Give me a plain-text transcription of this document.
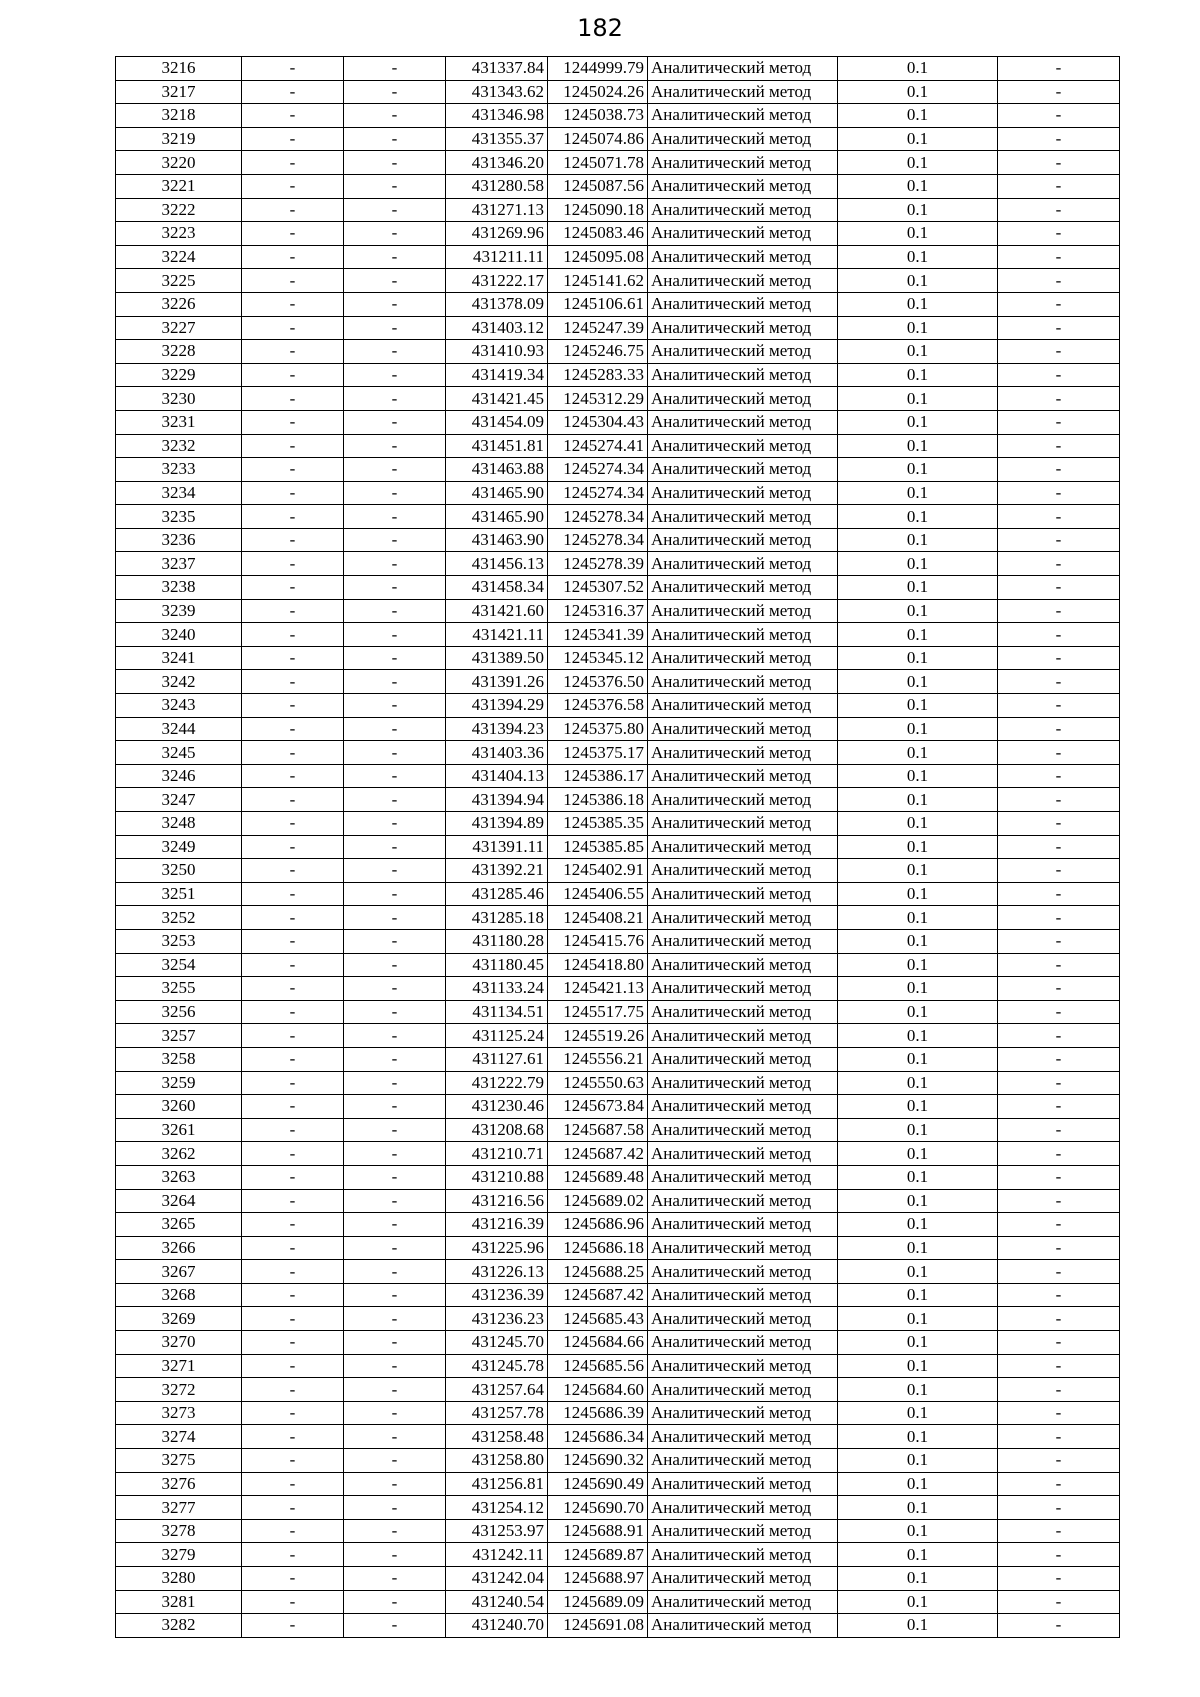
182
3216	-	-	431337.84	1244999.79	Аналитический метод	0.1	-
3217	-	-	431343.62	1245024.26	Аналитический метод	0.1	-
3218	-	-	431346.98	1245038.73	Аналитический метод	0.1	-
3219	-	-	431355.37	1245074.86	Аналитический метод	0.1	-
3220	-	-	431346.20	1245071.78	Аналитический метод	0.1	-
3221	-	-	431280.58	1245087.56	Аналитический метод	0.1	-
3222	-	-	431271.13	1245090.18	Аналитический метод	0.1	-
3223	-	-	431269.96	1245083.46	Аналитический метод	0.1	-
3224	-	-	431211.11	1245095.08	Аналитический метод	0.1	-
3225	-	-	431222.17	1245141.62	Аналитический метод	0.1	-
3226	-	-	431378.09	1245106.61	Аналитический метод	0.1	-
3227	-	-	431403.12	1245247.39	Аналитический метод	0.1	-
3228	-	-	431410.93	1245246.75	Аналитический метод	0.1	-
3229	-	-	431419.34	1245283.33	Аналитический метод	0.1	-
3230	-	-	431421.45	1245312.29	Аналитический метод	0.1	-
3231	-	-	431454.09	1245304.43	Аналитический метод	0.1	-
3232	-	-	431451.81	1245274.41	Аналитический метод	0.1	-
3233	-	-	431463.88	1245274.34	Аналитический метод	0.1	-
3234	-	-	431465.90	1245274.34	Аналитический метод	0.1	-
3235	-	-	431465.90	1245278.34	Аналитический метод	0.1	-
3236	-	-	431463.90	1245278.34	Аналитический метод	0.1	-
3237	-	-	431456.13	1245278.39	Аналитический метод	0.1	-
3238	-	-	431458.34	1245307.52	Аналитический метод	0.1	-
3239	-	-	431421.60	1245316.37	Аналитический метод	0.1	-
3240	-	-	431421.11	1245341.39	Аналитический метод	0.1	-
3241	-	-	431389.50	1245345.12	Аналитический метод	0.1	-
3242	-	-	431391.26	1245376.50	Аналитический метод	0.1	-
3243	-	-	431394.29	1245376.58	Аналитический метод	0.1	-
3244	-	-	431394.23	1245375.80	Аналитический метод	0.1	-
3245	-	-	431403.36	1245375.17	Аналитический метод	0.1	-
3246	-	-	431404.13	1245386.17	Аналитический метод	0.1	-
3247	-	-	431394.94	1245386.18	Аналитический метод	0.1	-
3248	-	-	431394.89	1245385.35	Аналитический метод	0.1	-
3249	-	-	431391.11	1245385.85	Аналитический метод	0.1	-
3250	-	-	431392.21	1245402.91	Аналитический метод	0.1	-
3251	-	-	431285.46	1245406.55	Аналитический метод	0.1	-
3252	-	-	431285.18	1245408.21	Аналитический метод	0.1	-
3253	-	-	431180.28	1245415.76	Аналитический метод	0.1	-
3254	-	-	431180.45	1245418.80	Аналитический метод	0.1	-
3255	-	-	431133.24	1245421.13	Аналитический метод	0.1	-
3256	-	-	431134.51	1245517.75	Аналитический метод	0.1	-
3257	-	-	431125.24	1245519.26	Аналитический метод	0.1	-
3258	-	-	431127.61	1245556.21	Аналитический метод	0.1	-
3259	-	-	431222.79	1245550.63	Аналитический метод	0.1	-
3260	-	-	431230.46	1245673.84	Аналитический метод	0.1	-
3261	-	-	431208.68	1245687.58	Аналитический метод	0.1	-
3262	-	-	431210.71	1245687.42	Аналитический метод	0.1	-
3263	-	-	431210.88	1245689.48	Аналитический метод	0.1	-
3264	-	-	431216.56	1245689.02	Аналитический метод	0.1	-
3265	-	-	431216.39	1245686.96	Аналитический метод	0.1	-
3266	-	-	431225.96	1245686.18	Аналитический метод	0.1	-
3267	-	-	431226.13	1245688.25	Аналитический метод	0.1	-
3268	-	-	431236.39	1245687.42	Аналитический метод	0.1	-
3269	-	-	431236.23	1245685.43	Аналитический метод	0.1	-
3270	-	-	431245.70	1245684.66	Аналитический метод	0.1	-
3271	-	-	431245.78	1245685.56	Аналитический метод	0.1	-
3272	-	-	431257.64	1245684.60	Аналитический метод	0.1	-
3273	-	-	431257.78	1245686.39	Аналитический метод	0.1	-
3274	-	-	431258.48	1245686.34	Аналитический метод	0.1	-
3275	-	-	431258.80	1245690.32	Аналитический метод	0.1	-
3276	-	-	431256.81	1245690.49	Аналитический метод	0.1	-
3277	-	-	431254.12	1245690.70	Аналитический метод	0.1	-
3278	-	-	431253.97	1245688.91	Аналитический метод	0.1	-
3279	-	-	431242.11	1245689.87	Аналитический метод	0.1	-
3280	-	-	431242.04	1245688.97	Аналитический метод	0.1	-
3281	-	-	431240.54	1245689.09	Аналитический метод	0.1	-
3282	-	-	431240.70	1245691.08	Аналитический метод	0.1	-
